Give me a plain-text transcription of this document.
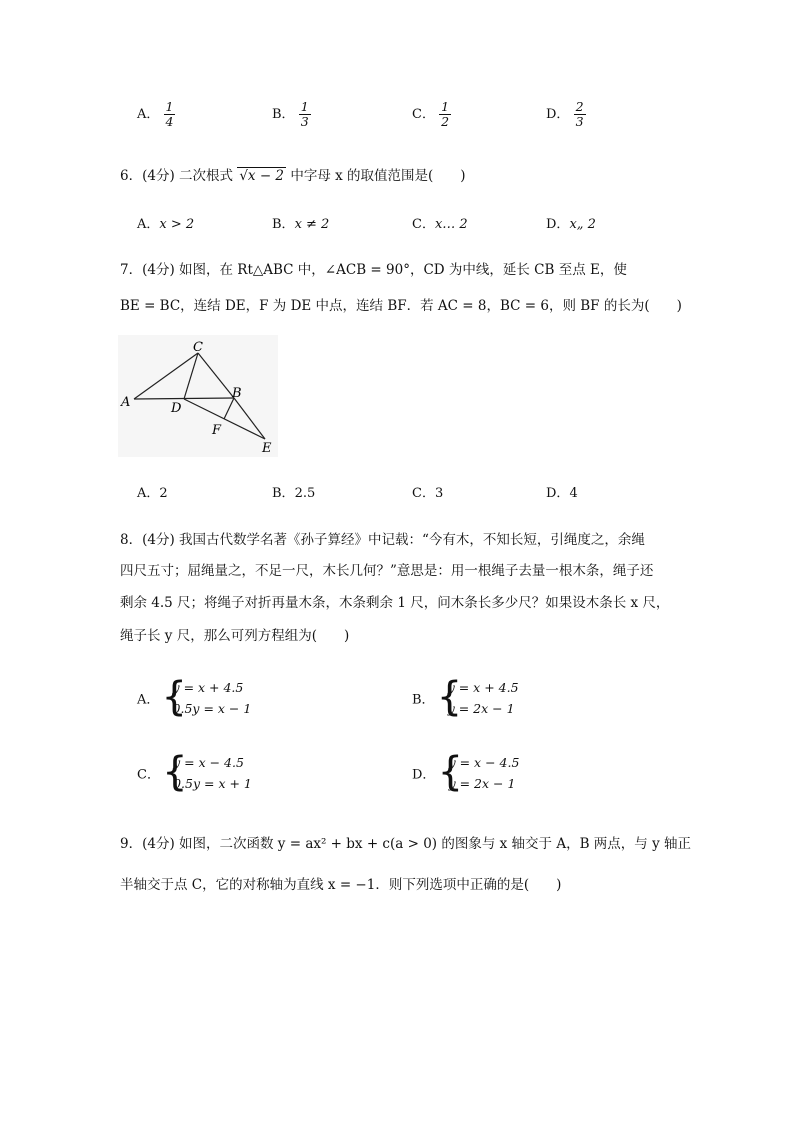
A． $\frac{1}{4}$	B． $\frac{1}{3}$	C． $\frac{1}{2}$	D． $\frac{2}{3}$
6．(4分) 二次根式 √x − 2 中字母 x 的取值范围是(　　)
A．x > 2	B．x ≠ 2	C．x… 2	D．x„ 2
7．(4分) 如图，在 Rt△ABC 中，∠ACB = 90°，CD 为中线，延长 CB 至点 E，使
BE = BC，连结 DE，F 为 DE 中点，连结 BF．若 AC = 8，BC = 6，则 BF 的长为(　　)
C
A	D
B
F
E
A．2	B．2.5	C．3	D．4
8．(4分) 我国古代数学名著《孙子算经》中记载：“今有木，不知长短，引绳度之，余绳
四尺五寸；屈绳量之，不足一尺，木长几何？”意思是：用一根绳子去量一根木条，绳子还
剩余 4.5 尺；将绳子对折再量木条，木条剩余 1 尺，问木条长多少尺？如果设木条长 x 尺，
绳子长 y 尺，那么可列方程组为(　　)
A． {
y = x + 4.5
0.5y = x − 1
B． {
y = x + 4.5
y = 2x − 1
C． {
y = x − 4.5
0.5y = x + 1
D． {
y = x − 4.5
y = 2x − 1
9．(4分) 如图，二次函数 y = ax² + bx + c(a > 0) 的图象与 x 轴交于 A，B 两点，与 y 轴正
半轴交于点 C，它的对称轴为直线 x = −1．则下列选项中正确的是(　　)
